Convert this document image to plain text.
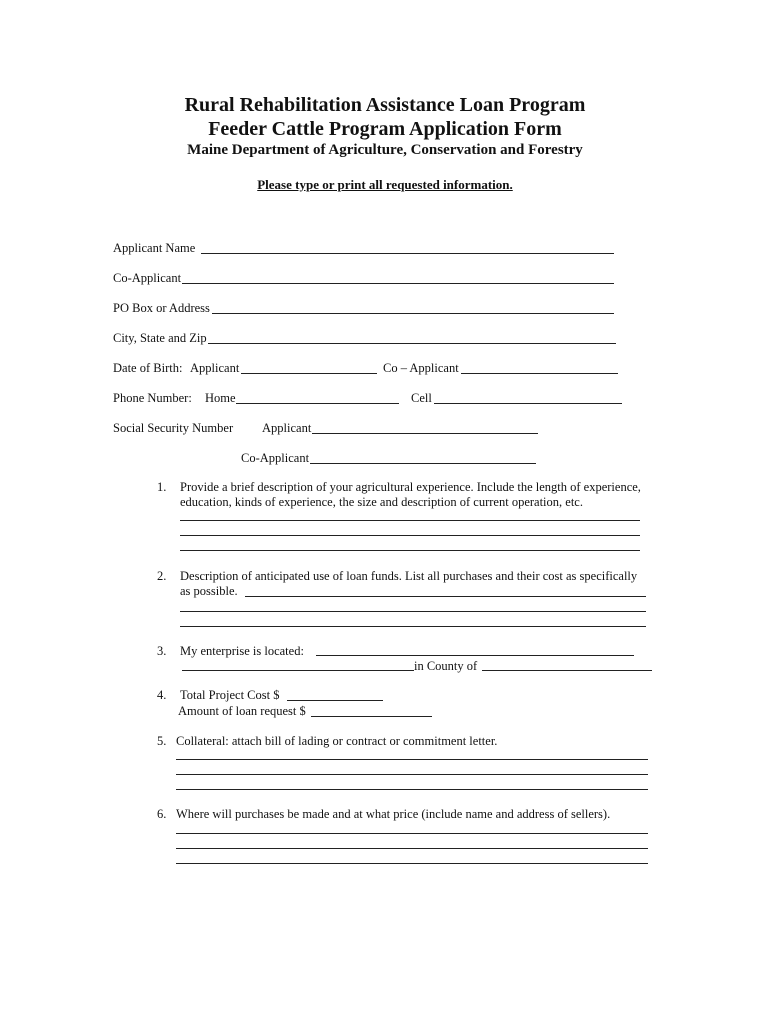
Rural Rehabilitation Assistance Loan Program
Feeder Cattle Program Application Form
Maine Department of Agriculture, Conservation and Forestry
Please type or print all requested information.
Applicant Name
Co-Applicant
PO Box or Address
City, State and Zip
Date of Birth: Applicant	Co – Applicant
Phone Number: Home	Cell
Social Security Number Applicant
Co-Applicant
1. Provide a brief description of your agricultural experience. Include the length of experience,
education, kinds of experience, the size and description of current operation, etc.
2. Description of anticipated use of loan funds. List all purchases and their cost as specifically
as possible.
3. My enterprise is located:
in County of
4. Total Project Cost $
Amount of loan request $
5. Collateral: attach bill of lading or contract or commitment letter.
6. Where will purchases be made and at what price (include name and address of sellers).
